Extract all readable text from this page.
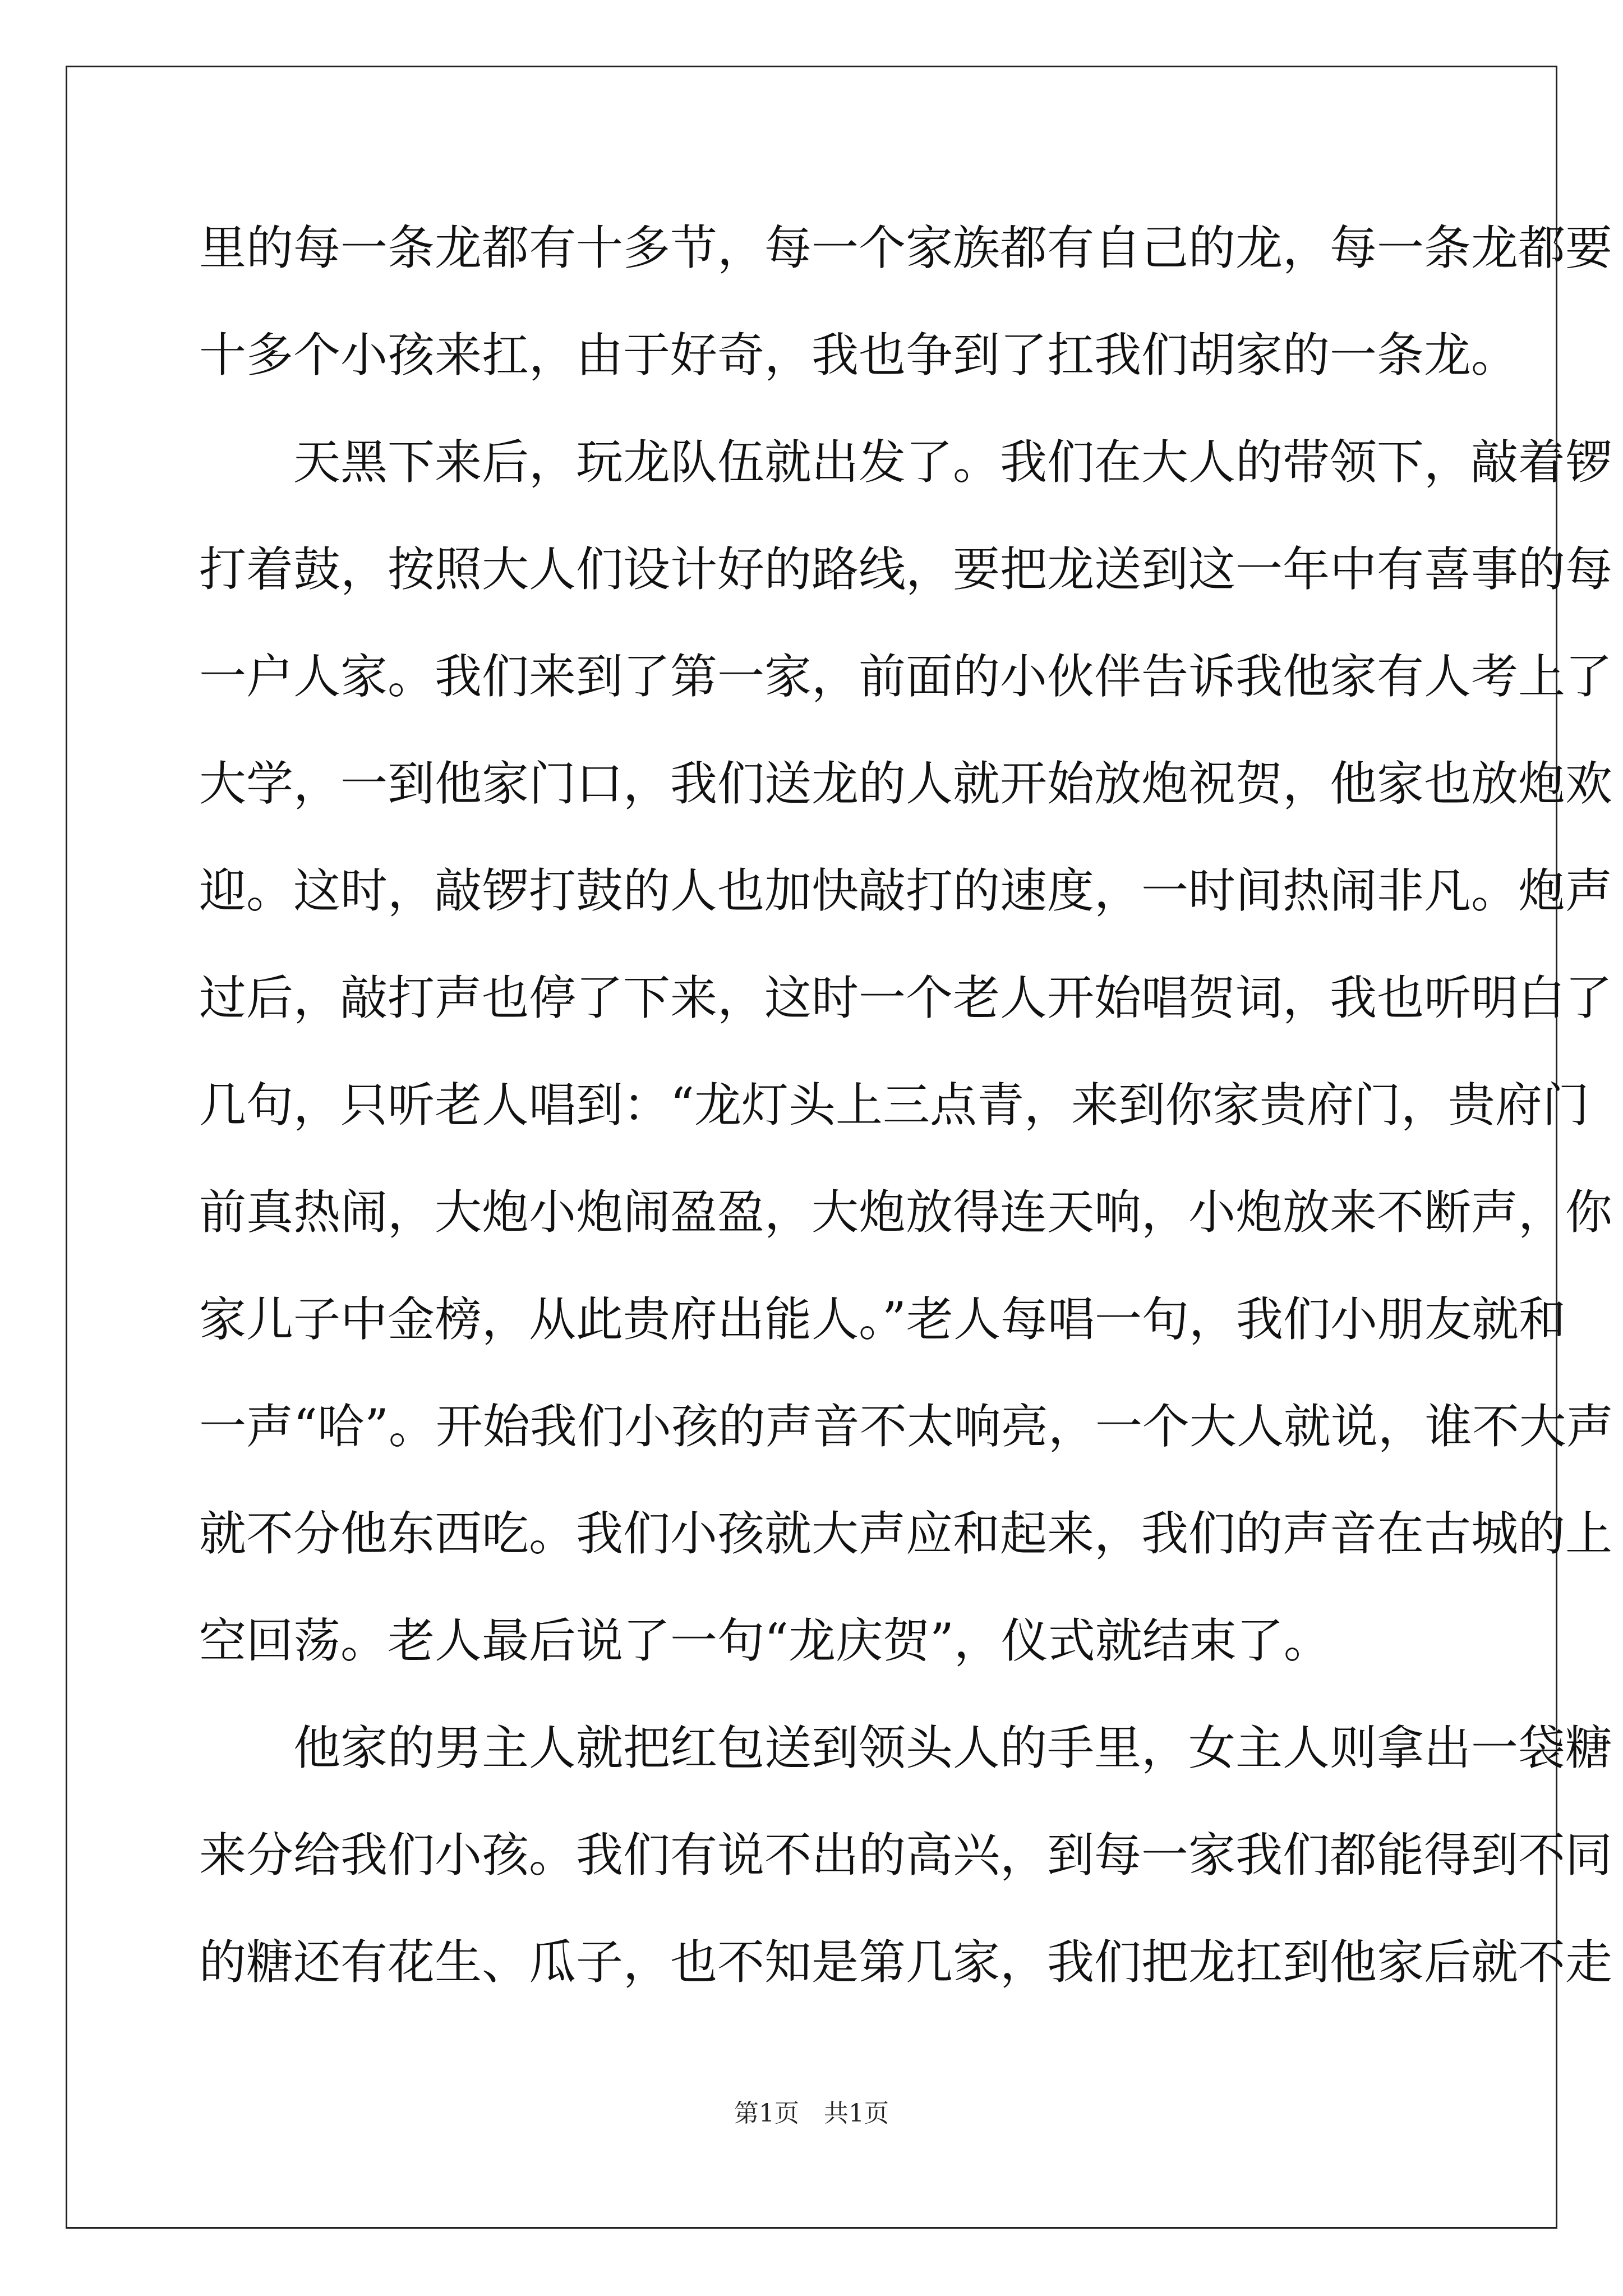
里的每一条龙都有十多节，每一个家族都有自己的龙，每一条龙都要
十多个小孩来扛，由于好奇，我也争到了扛我们胡家的一条龙。
　　天黑下来后，玩龙队伍就出发了。我们在大人的带领下，敲着锣
打着鼓，按照大人们设计好的路线，要把龙送到这一年中有喜事的每
一户人家。我们来到了第一家，前面的小伙伴告诉我他家有人考上了
大学，一到他家门口，我们送龙的人就开始放炮祝贺，他家也放炮欢
迎。这时，敲锣打鼓的人也加快敲打的速度，一时间热闹非凡。炮声
过后，敲打声也停了下来，这时一个老人开始唱贺词，我也听明白了
几句，只听老人唱到：“龙灯头上三点青，来到你家贵府门，贵府门
前真热闹，大炮小炮闹盈盈，大炮放得连天响，小炮放来不断声，你
家儿子中金榜，从此贵府出能人。”老人每唱一句，我们小朋友就和
一声“哈”。开始我们小孩的声音不太响亮，一个大人就说，谁不大声
就不分他东西吃。我们小孩就大声应和起来，我们的声音在古城的上
空回荡。老人最后说了一句“龙庆贺”，仪式就结束了。
　　他家的男主人就把红包送到领头人的手里，女主人则拿出一袋糖
来分给我们小孩。我们有说不出的高兴，到每一家我们都能得到不同
的糖还有花生、瓜子，也不知是第几家，我们把龙扛到他家后就不走
第1页　共1页
